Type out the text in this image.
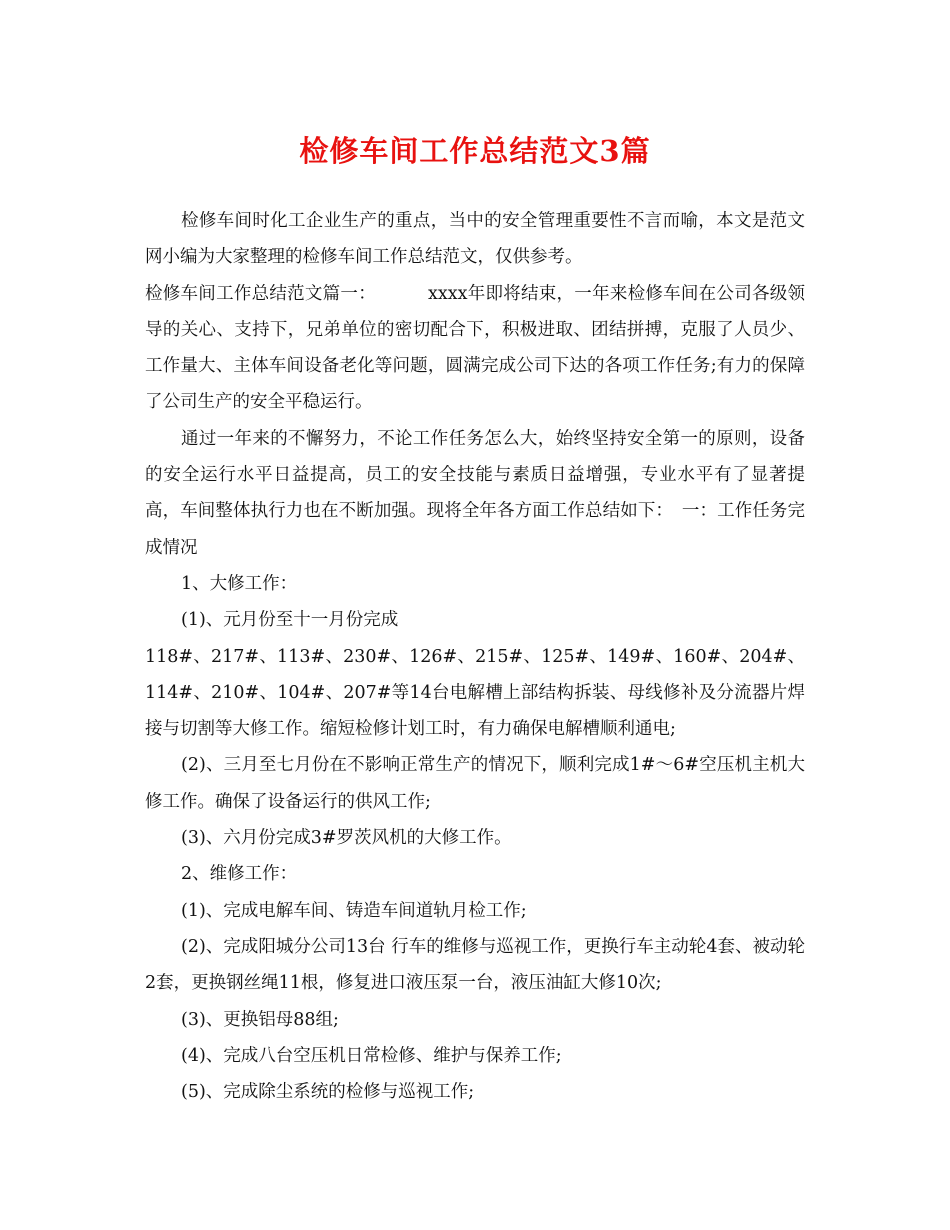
检修车间工作总结范文3篇

检修车间时化工企业生产的重点，当中的安全管理重要性不言而喻，本文是范文网小编为大家整理的检修车间工作总结范文，仅供参考。

检修车间工作总结范文篇一：	xxxx年即将结束，一年来检修车间在公司各级领导的关心、支持下，兄弟单位的密切配合下，积极进取、团结拼搏，克服了人员少、工作量大、主体车间设备老化等问题，圆满完成公司下达的各项工作任务;有力的保障了公司生产的安全平稳运行。

通过一年来的不懈努力，不论工作任务怎么大，始终坚持安全第一的原则，设备的安全运行水平日益提高，员工的安全技能与素质日益增强，专业水平有了显著提高，车间整体执行力也在不断加强。现将全年各方面工作总结如下：　一：工作任务完成情况

1、大修工作：

(1)、元月份至十一月份完成

118#、217#、113#、230#、126#、215#、125#、149#、160#、204#、114#、210#、104#、207#等14台电解槽上部结构拆装、母线修补及分流器片焊接与切割等大修工作。缩短检修计划工时，有力确保电解槽顺利通电;

(2)、三月至七月份在不影响正常生产的情况下，顺利完成1#～6#空压机主机大修工作。确保了设备运行的供风工作;

(3)、六月份完成3#罗茨风机的大修工作。

2、维修工作：

(1)、完成电解车间、铸造车间道轨月检工作;

(2)、完成阳城分公司13台 行车的维修与巡视工作，更换行车主动轮4套、被动轮2套，更换钢丝绳11根，修复进口液压泵一台，液压油缸大修10次;

(3)、更换铝母88组;

(4)、完成八台空压机日常检修、维护与保养工作;

(5)、完成除尘系统的检修与巡视工作;
